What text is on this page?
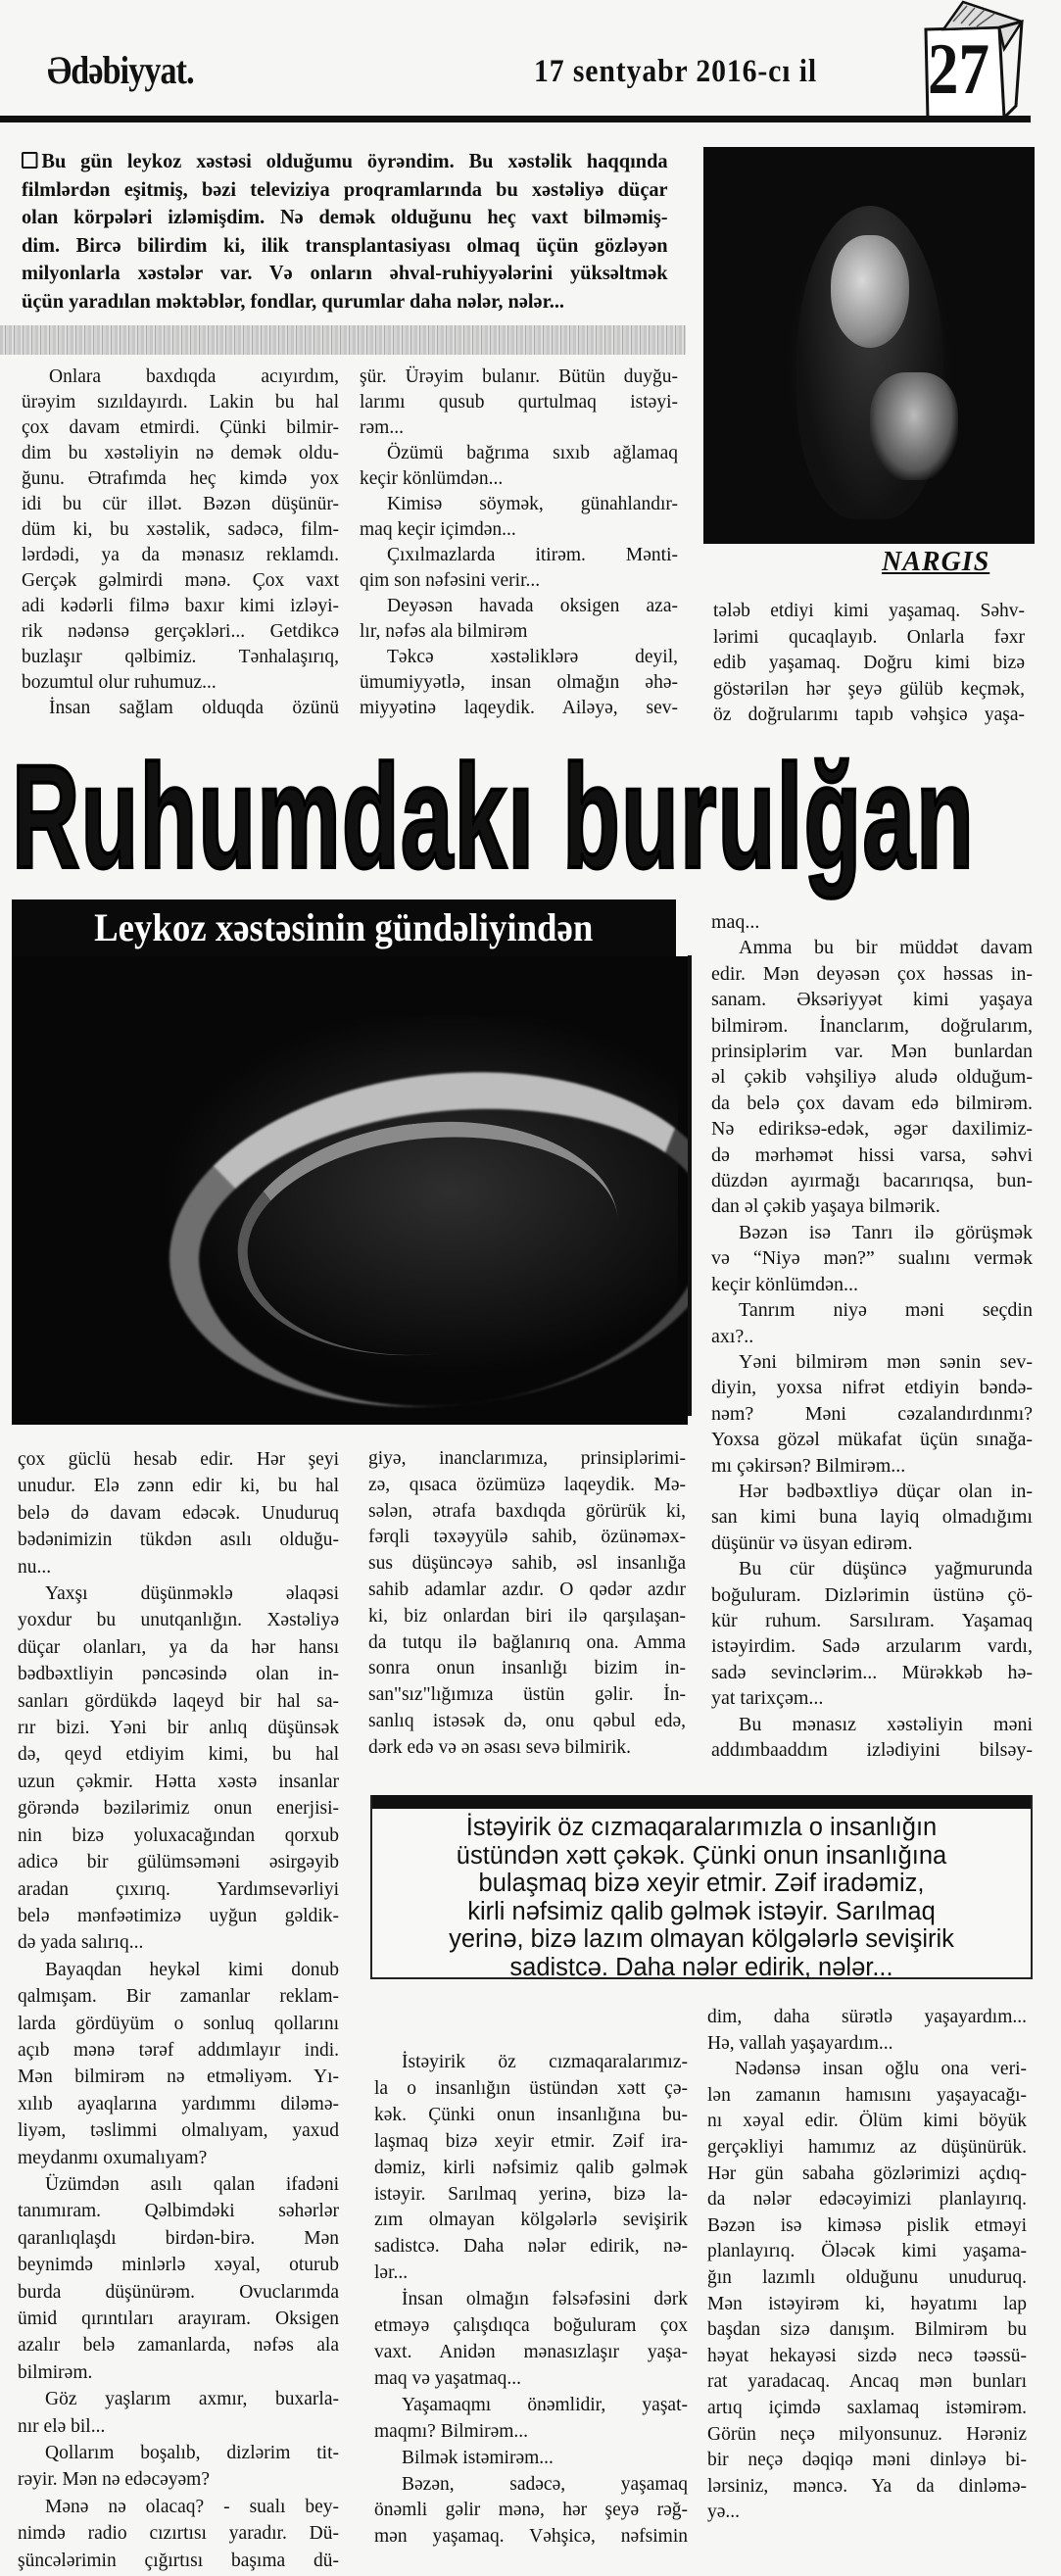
Ədəbiyyat.	17 sentyabr 2016-cı il 27
Bu gün leykoz xəstəsi olduğumu öyrəndim. Bu xəstəlik haqqında
filmlərdən eşitmiş, bəzi televiziya proqramlarında bu xəstəliyə düçar
olan körpələri izləmişdim. Nə demək olduğunu heç vaxt bilməmiş-
dim. Bircə bilirdim ki, ilik transplantasiyası olmaq üçün gözləyən
milyonlarla xəstələr var. Və onların əhval-ruhiyyələrini yüksəltmək
üçün yaradılan məktəblər, fondlar, qurumlar daha nələr, nələr...
NARGIS
Onlara baxdıqda acıyırdım,
ürəyim sızıldayırdı. Lakin bu hal
çox davam etmirdi. Çünki bilmir-
dim bu xəstəliyin nə demək oldu-
ğunu. Ətrafımda heç kimdə yox
idi bu cür illət. Bəzən düşünür-
düm ki, bu xəstəlik, sadəcə, film-
lərdədi, ya da mənasız reklamdı.
Gerçək gəlmirdi mənə. Çox vaxt
adi kədərli filmə baxır kimi izləyi-
rik nədənsə gerçəkləri... Getdikcə
buzlaşır qəlbimiz. Tənhalaşırıq,
bozumtul olur ruhumuz...
İnsan sağlam olduqda özünü
şür. Ürəyim bulanır. Bütün duyğu-
larımı qusub qurtulmaq istəyi-
rəm...
Özümü bağrıma sıxıb ağlamaq
keçir könlümdən...
Kimisə söymək, günahlandır-
maq keçir içimdən...
Çıxılmazlarda itirəm. Mənti-
qim son nəfəsini verir...
Deyəsən havada oksigen aza-
lır, nəfəs ala bilmirəm
Təkcə xəstəliklərə deyil,
ümumiyyətlə, insan olmağın əhə-
miyyətinə laqeydik. Ailəyə, sev-
tələb etdiyi kimi yaşamaq. Səhv-
lərimi qucaqlayıb. Onlarla fəxr
edib yaşamaq. Doğru kimi bizə
göstərilən hər şeyə gülüb keçmək,
öz doğrularımı tapıb vəhşicə yaşa-
Ruhumdakı burulğan
Leykoz xəstəsinin gündəliyindən	maq...
Amma bu bir müddət davam
edir. Mən deyəsən çox həssas in-
sanam. Əksəriyyət kimi yaşaya
bilmirəm. İnanclarım, doğrularım,
prinsiplərim var. Mən bunlardan
əl çəkib vəhşiliyə aludə olduğum-
da belə çox davam edə bilmirəm.
Nə ediriksə-edək, əgər daxilimiz-
də mərhəmət hissi varsa, səhvi
düzdən ayırmağı bacarırıqsa, bun-
dan əl çəkib yaşaya bilmərik.
Bəzən isə Tanrı ilə görüşmək
və “Niyə mən?” sualını vermək
keçir könlümdən...
Tanrım niyə məni seçdin
axı?..
Yəni bilmirəm mən sənin sev-
diyin, yoxsa nifrət etdiyin bəndə-
nəm? Məni cəzalandırdınmı?
Yoxsa gözəl mükafat üçün sınağa-
mı çəkirsən? Bilmirəm...
Hər bədbəxtliyə düçar olan in-
san kimi buna layiq olmadığımı
düşünür və üsyan edirəm.
Bu cür düşüncə yağmurunda
boğuluram. Dizlərimin üstünə çö-
kür ruhum. Sarsılıram. Yaşamaq
istəyirdim. Sadə arzularım vardı,
sadə sevinclərim... Mürəkkəb hə-
yat tarixçəm...
Bu mənasız xəstəliyin məni
addımbaaddım izlədiyini bilsəy-
çox güclü hesab edir. Hər şeyi
unudur. Elə zənn edir ki, bu hal
belə də davam edəcək. Unuduruq
bədənimizin tükdən asılı olduğu-
nu...
Yaxşı düşünməklə əlaqəsi
yoxdur bu unutqanlığın. Xəstəliyə
düçar olanları, ya da hər hansı
bədbəxtliyin pəncəsində olan in-
sanları gördükdə laqeyd bir hal sa-
rır bizi. Yəni bir anlıq düşünsək
də, qeyd etdiyim kimi, bu hal
uzun çəkmir. Hətta xəstə insanlar
görəndə bəzilərimiz onun enerjisi-
nin bizə yoluxacağından qorxub
adicə bir gülümsəməni əsirgəyib
aradan çıxırıq. Yardımsevərliyi
belə mənfəətimizə uyğun gəldik-
də yada salırıq...
Bayaqdan heykəl kimi donub
qalmışam. Bir zamanlar reklam-
larda gördüyüm o sonluq qollarını
açıb mənə tərəf addımlayır indi.
Mən bilmirəm nə etməliyəm. Yı-
xılıb ayaqlarına yardımmı diləmə-
liyəm, təslimmi olmalıyam, yaxud
meydanmı oxumalıyam?
Üzümdən asılı qalan ifadəni
tanımıram. Qəlbimdəki səhərlər
qaranlıqlaşdı birdən-birə. Mən
beynimdə minlərlə xəyal, oturub
burda düşünürəm. Ovuclarımda
ümid qırıntıları arayıram. Oksigen
azalır belə zamanlarda, nəfəs ala
bilmirəm.
Göz yaşlarım axmır, buxarla-
nır elə bil...
Qollarım boşalıb, dizlərim tit-
rəyir. Mən nə edəcəyəm?
Mənə nə olacaq? - sualı bey-
nimdə radio cızırtısı yaradır. Dü-
şüncələrimin çığırtısı başıma dü-
giyə, inanclarımıza, prinsiplərimi-
zə, qısaca özümüzə laqeydik. Mə-
sələn, ətrafa baxdıqda görürük ki,
fərqli təxəyyülə sahib, özünəməx-
sus düşüncəyə sahib, əsl insanlığa
sahib adamlar azdır. O qədər azdır
ki, biz onlardan biri ilə qarşılaşan-
da tutqu ilə bağlanırıq ona. Amma
sonra onun insanlığı bizim in-
san"sız"lığımıza üstün gəlir. İn-
sanlıq istəsək də, onu qəbul edə,
dərk edə və ən əsası sevə bilmirik.
İstəyirik öz cızmaqaralarımızla o insanlığın
üstündən xətt çəkək. Çünki onun insanlığına
bulaşmaq bizə xeyir etmir. Zəif iradəmiz,
kirli nəfsimiz qalib gəlmək istəyir. Sarılmaq
yerinə, bizə lazım olmayan kölgələrlə sevişirik
sadistcə. Daha nələr edirik, nələr...
İstəyirik öz cızmaqaralarımız-
la o insanlığın üstündən xətt çə-
kək. Çünki onun insanlığına bu-
laşmaq bizə xeyir etmir. Zəif ira-
dəmiz, kirli nəfsimiz qalib gəlmək
istəyir. Sarılmaq yerinə, bizə la-
zım olmayan kölgələrlə sevişirik
sadistcə. Daha nələr edirik, nə-
lər...
İnsan olmağın fəlsəfəsini dərk
etməyə çalışdıqca boğuluram çox
vaxt. Anidən mənasızlaşır yaşa-
maq və yaşatmaq...
Yaşamaqmı önəmlidir, yaşat-
maqmı? Bilmirəm...
Bilmək istəmirəm...
Bəzən, sadəcə, yaşamaq
önəmli gəlir mənə, hər şeyə rəğ-
mən yaşamaq. Vəhşicə, nəfsimin
dim, daha sürətlə yaşayardım...
Hə, vallah yaşayardım...
Nədənsə insan oğlu ona veri-
lən zamanın hamısını yaşayacağı-
nı xəyal edir. Ölüm kimi böyük
gerçəkliyi hamımız az düşünürük.
Hər gün sabaha gözlərimizi açdıq-
da nələr edəcəyimizi planlayırıq.
Bəzən isə kiməsə pislik etməyi
planlayırıq. Öləcək kimi yaşama-
ğın lazımlı olduğunu unuduruq.
Mən istəyirəm ki, həyatımı lap
başdan sizə danışım. Bilmirəm bu
həyat hekayəsi sizdə necə təəssü-
rat yaradacaq. Ancaq mən bunları
artıq içimdə saxlamaq istəmirəm.
Görün neçə milyonsunuz. Hərəniz
bir neçə dəqiqə məni dinləyə bi-
lərsiniz, məncə. Ya da dinləmə-
yə...
